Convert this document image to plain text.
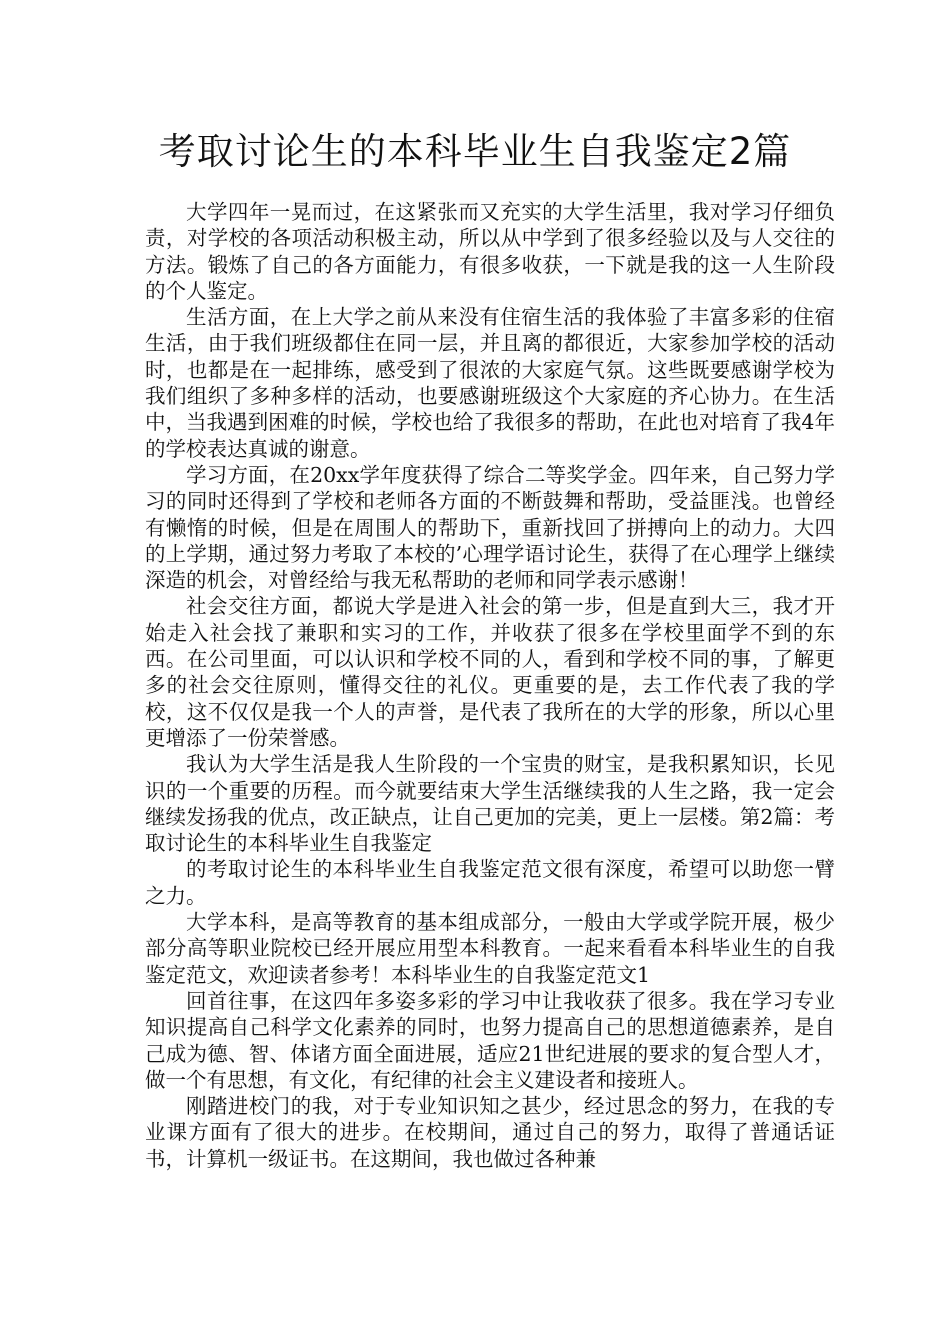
考取讨论生的本科毕业生自我鉴定2篇

大学四年一晃而过，在这紧张而又充实的大学生活里，我对学习仔细负责，对学校的各项活动积极主动，所以从中学到了很多经验以及与人交往的方法。锻炼了自己的各方面能力，有很多收获，一下就是我的这一人生阶段的个人鉴定。

生活方面，在上大学之前从来没有住宿生活的我体验了丰富多彩的住宿生活，由于我们班级都住在同一层，并且离的都很近，大家参加学校的活动时，也都是在一起排练，感受到了很浓的大家庭气氛。这些既要感谢学校为我们组织了多种多样的活动，也要感谢班级这个大家庭的齐心协力。在生活中，当我遇到困难的时候，学校也给了我很多的帮助，在此也对培育了我4年的学校表达真诚的谢意。

学习方面，在20xx学年度获得了综合二等奖学金。四年来，自己努力学习的同时还得到了学校和老师各方面的不断鼓舞和帮助，受益匪浅。也曾经有懒惰的时候，但是在周围人的帮助下，重新找回了拼搏向上的动力。大四的上学期，通过努力考取了本校的’心理学语讨论生，获得了在心理学上继续深造的机会，对曾经给与我无私帮助的老师和同学表示感谢！

社会交往方面，都说大学是进入社会的第一步，但是直到大三，我才开始走入社会找了兼职和实习的工作，并收获了很多在学校里面学不到的东西。在公司里面，可以认识和学校不同的人，看到和学校不同的事，了解更多的社会交往原则，懂得交往的礼仪。更重要的是，去工作代表了我的学校，这不仅仅是我一个人的声誉，是代表了我所在的大学的形象，所以心里更增添了一份荣誉感。

我认为大学生活是我人生阶段的一个宝贵的财宝，是我积累知识，长见识的一个重要的历程。而今就要结束大学生活继续我的人生之路，我一定会继续发扬我的优点，改正缺点，让自己更加的完美，更上一层楼。第2篇：考取讨论生的本科毕业生自我鉴定

的考取讨论生的本科毕业生自我鉴定范文很有深度，希望可以助您一臂之力。

大学本科，是高等教育的基本组成部分，一般由大学或学院开展，极少部分高等职业院校已经开展应用型本科教育。一起来看看本科毕业生的自我鉴定范文，欢迎读者参考！本科毕业生的自我鉴定范文1

回首往事，在这四年多姿多彩的学习中让我收获了很多。我在学习专业知识提高自己科学文化素养的同时，也努力提高自己的思想道德素养，是自己成为德、智、体诸方面全面进展，适应21世纪进展的要求的复合型人才，做一个有思想，有文化，有纪律的社会主义建设者和接班人。

刚踏进校门的我，对于专业知识知之甚少，经过思念的努力，在我的专业课方面有了很大的进步。在校期间，通过自己的努力，取得了普通话证书，计算机一级证书。在这期间，我也做过各种兼
